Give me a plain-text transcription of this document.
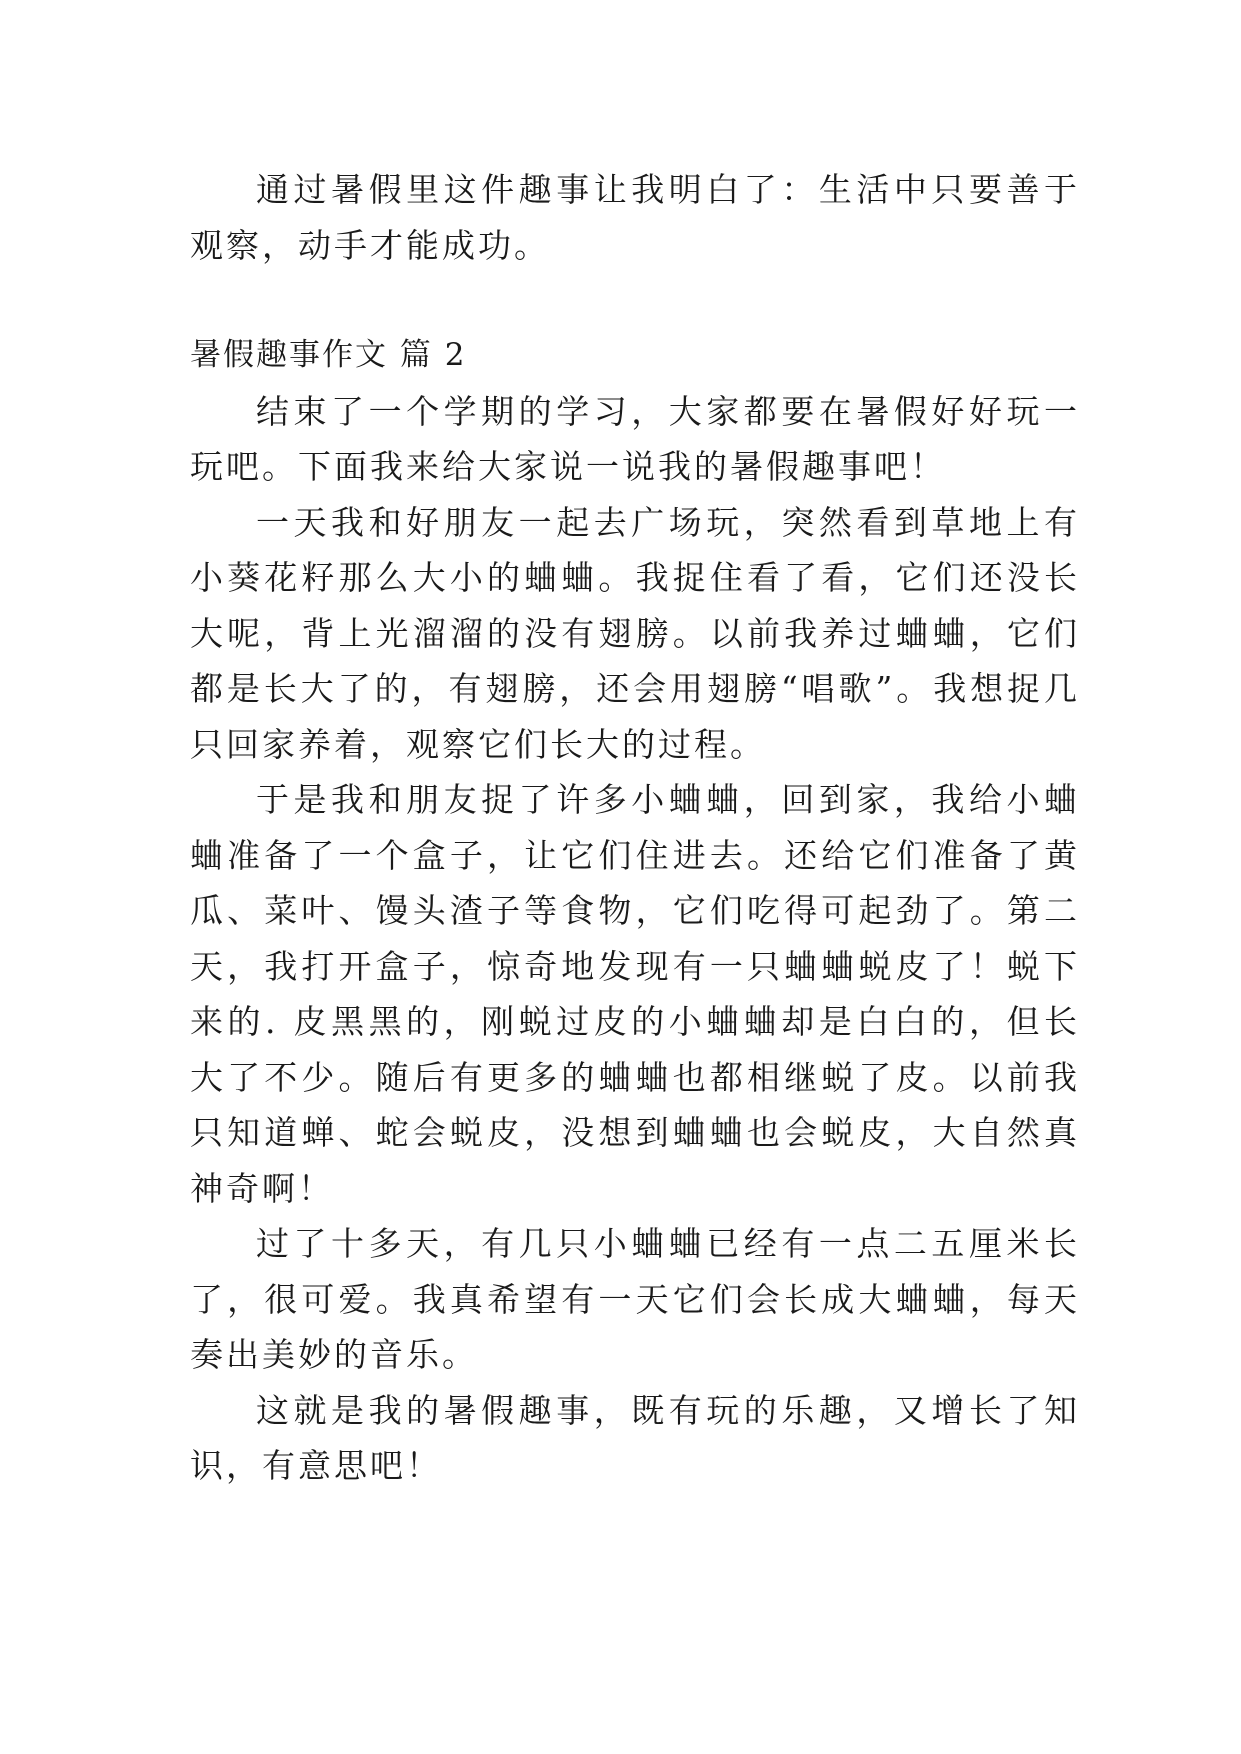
通过暑假里这件趣事让我明白了：生活中只要善于观察，动手才能成功。

暑假趣事作文 篇 2

结束了一个学期的学习，大家都要在暑假好好玩一玩吧。下面我来给大家说一说我的暑假趣事吧！

一天我和好朋友一起去广场玩，突然看到草地上有小葵花籽那么大小的蛐蛐。我捉住看了看，它们还没长大呢，背上光溜溜的没有翅膀。以前我养过蛐蛐，它们都是长大了的，有翅膀，还会用翅膀“唱歌”。我想捉几只回家养着，观察它们长大的过程。

于是我和朋友捉了许多小蛐蛐，回到家，我给小蛐蛐准备了一个盒子，让它们住进去。还给它们准备了黄瓜、菜叶、馒头渣子等食物，它们吃得可起劲了。第二天，我打开盒子，惊奇地发现有一只蛐蛐蜕皮了！蜕下来的. 皮黑黑的，刚蜕过皮的小蛐蛐却是白白的，但长大了不少。随后有更多的蛐蛐也都相继蜕了皮。以前我只知道蝉、蛇会蜕皮，没想到蛐蛐也会蜕皮，大自然真神奇啊！

过了十多天，有几只小蛐蛐已经有一点二五厘米长了，很可爱。我真希望有一天它们会长成大蛐蛐，每天奏出美妙的音乐。

这就是我的暑假趣事，既有玩的乐趣，又增长了知识，有意思吧！
